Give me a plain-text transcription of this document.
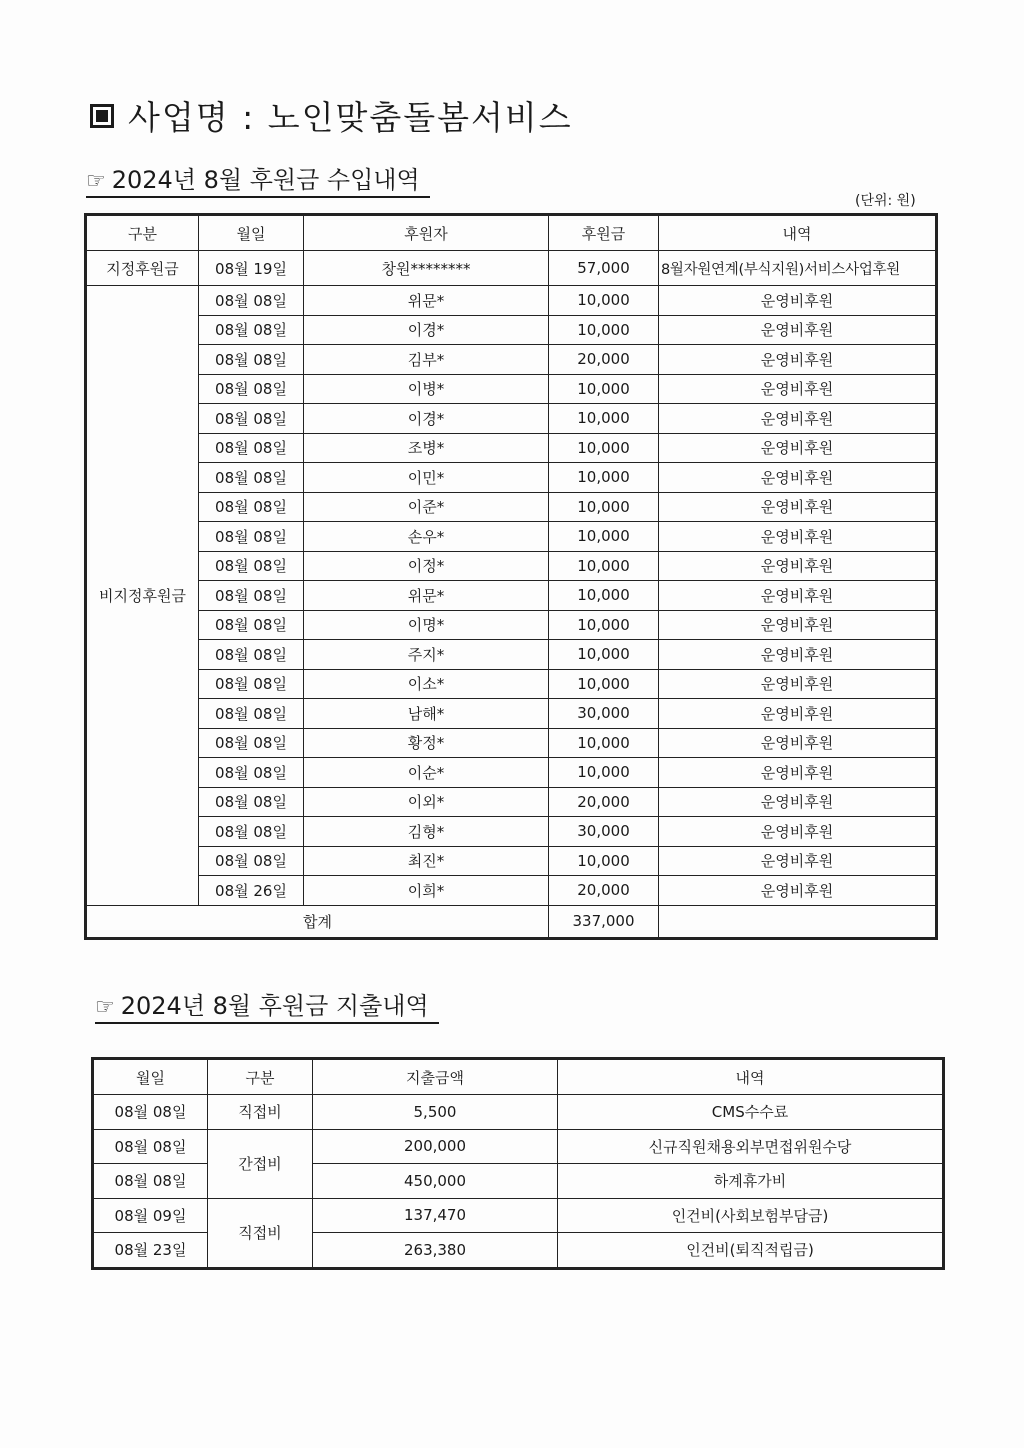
사업명 : 노인맞춤돌봄서비스
☞ 2024년 8월 후원금 수입내역
(단위: 원)
구분	월일	후원자	후원금	내역
지정후원금	08월 19일	창원********	57,000	8월자원연계(부식지원)서비스사업후원
비지정후원금	08월 08일	위문*	10,000	운영비후원
	08월 08일	이경*	10,000	운영비후원
	08월 08일	김부*	20,000	운영비후원
	08월 08일	이병*	10,000	운영비후원
	08월 08일	이경*	10,000	운영비후원
	08월 08일	조병*	10,000	운영비후원
	08월 08일	이민*	10,000	운영비후원
	08월 08일	이준*	10,000	운영비후원
	08월 08일	손우*	10,000	운영비후원
	08월 08일	이정*	10,000	운영비후원
	08월 08일	위문*	10,000	운영비후원
	08월 08일	이명*	10,000	운영비후원
	08월 08일	주지*	10,000	운영비후원
	08월 08일	이소*	10,000	운영비후원
	08월 08일	남해*	30,000	운영비후원
	08월 08일	황정*	10,000	운영비후원
	08월 08일	이순*	10,000	운영비후원
	08월 08일	이외*	20,000	운영비후원
	08월 08일	김형*	30,000	운영비후원
	08월 08일	최진*	10,000	운영비후원
	08월 26일	이희*	20,000	운영비후원
합계			337,000	
☞ 2024년 8월 후원금 지출내역
월일	구분	지출금액	내역
08월 08일	직접비	5,500	CMS수수료
08월 08일	간접비	200,000	신규직원채용외부면접위원수당
08월 08일		450,000	하계휴가비
08월 09일	직접비	137,470	인건비(사회보험부담금)
08월 23일		263,380	인건비(퇴직적립금)
